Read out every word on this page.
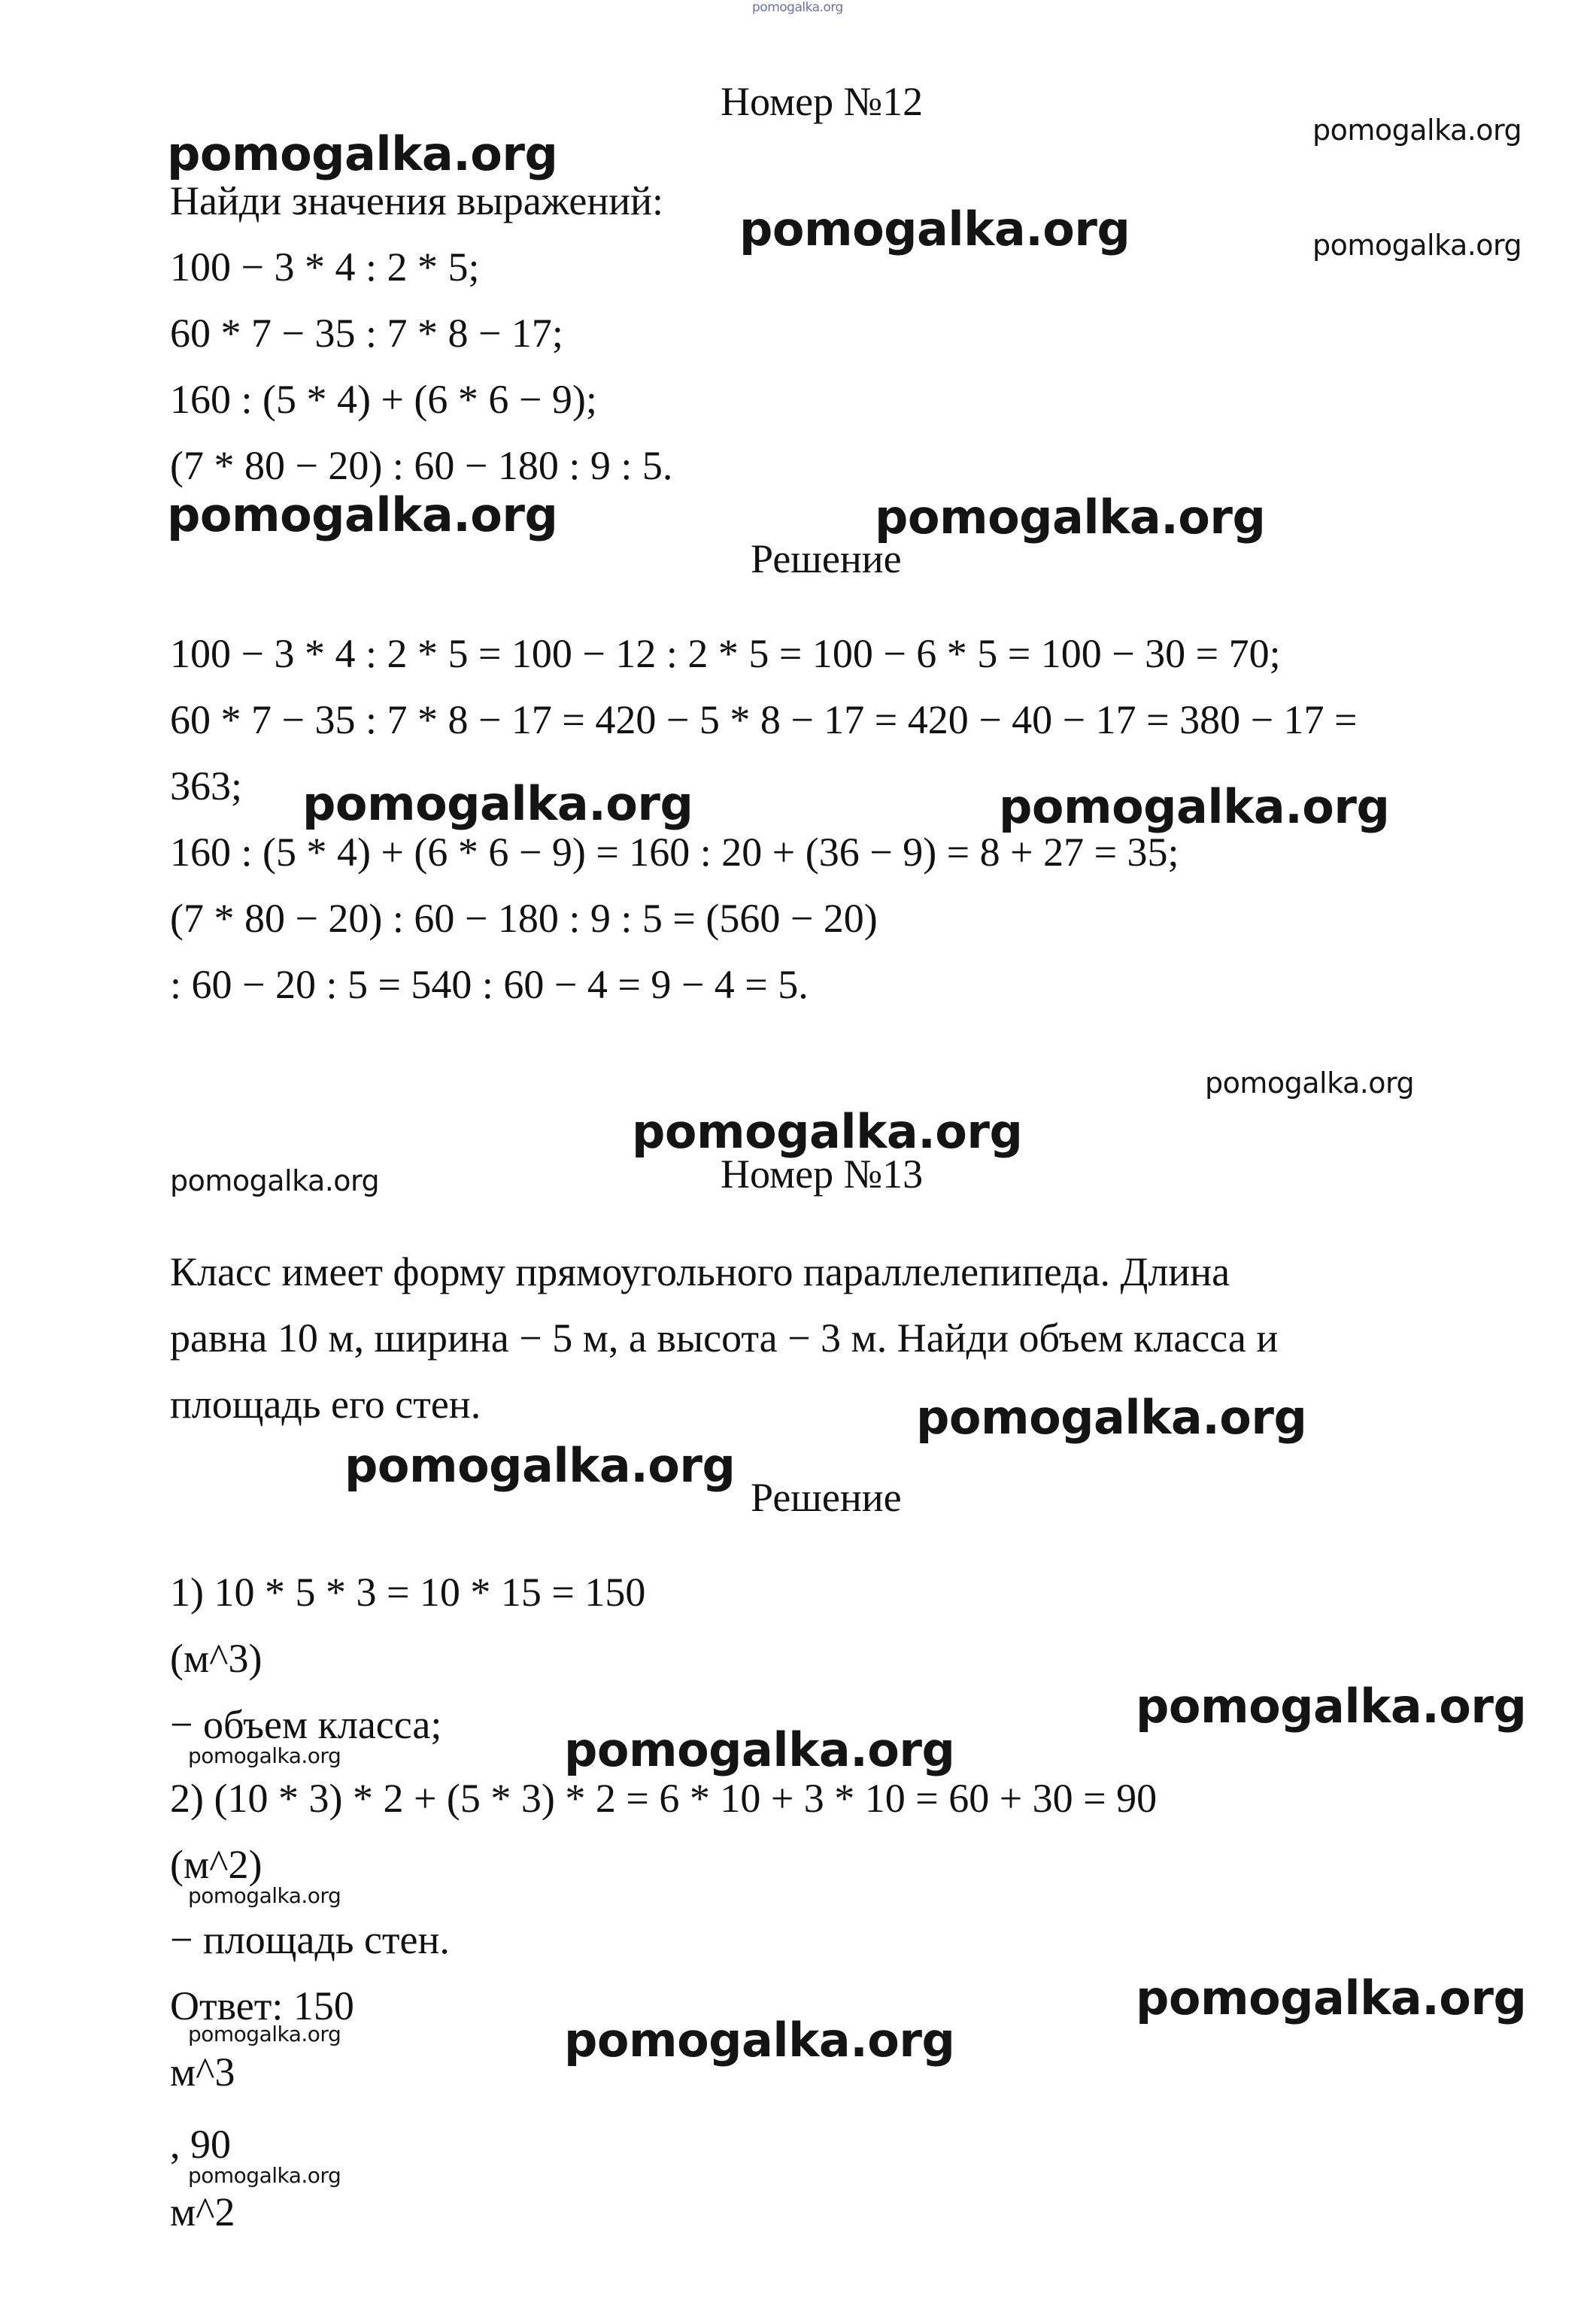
pomogalka.org
Номер №12
pomogalka.org
pomogalka.org
Найди значения выражений:
pomogalka.org	pomogalka.org
100 − 3 * 4 : 2 * 5;
60 * 7 − 35 : 7 * 8 − 17;
160 : (5 * 4) + (6 * 6 − 9);
(7 * 80 − 20) : 60 − 180 : 9 : 5.
pomogalka.org	pomogalka.org
Решение
100 − 3 * 4 : 2 * 5 = 100 − 12 : 2 * 5 = 100 − 6 * 5 = 100 − 30 = 70;
60 * 7 − 35 : 7 * 8 − 17 = 420 − 5 * 8 − 17 = 420 − 40 − 17 = 380 − 17 =
363; pomogalka.org	pomogalka.org
160 : (5 * 4) + (6 * 6 − 9) = 160 : 20 + (36 − 9) = 8 + 27 = 35;
(7 * 80 − 20) : 60 − 180 : 9 : 5 = (560 − 20)
: 60 − 20 : 5 = 540 : 60 − 4 = 9 − 4 = 5.
pomogalka.org
pomogalka.org
pomogalka.org	Номер №13
Класс имеет форму прямоугольного параллелепипеда. Длина
равна 10 м, ширина − 5 м, а высота − 3 м. Найди объем класса и
площадь его стен.	pomogalka.org
pomogalka.org
Решение
1) 10 * 5 * 3 = 10 * 15 = 150
(м^3)
pomogalka.org
− объем класса;	pomogalka.org
pomogalka.org
2) (10 * 3) * 2 + (5 * 3) * 2 = 6 * 10 + 3 * 10 = 60 + 30 = 90
(м^2)
pomogalka.org
− площадь стен.
pomogalka.org
Ответ: 150
pomogalka.org	pomogalka.org
м^3
, 90
pomogalka.org
м^2
